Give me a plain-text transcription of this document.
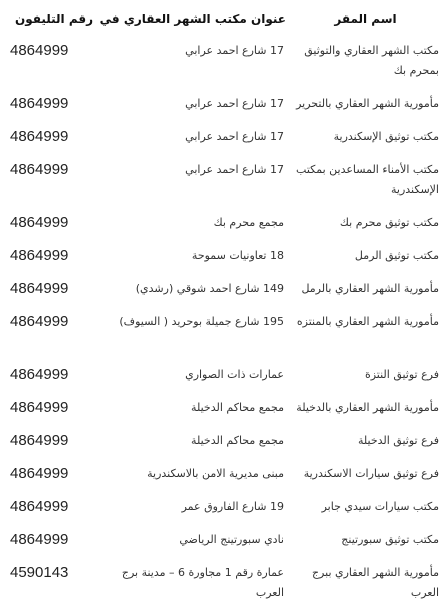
اسم المقر	عنوان مكتب الشهر العقاري في	رقم التليفون
مكتب الشهر العقاري والتوثيق بمحرم بك	17 شارع احمد عرابي	4864999
مأمورية الشهر العقاري بالتحرير	17 شارع احمد عرابي	4864999
مكتب توثيق الإسكندرية	17 شارع احمد عرابي	4864999
مكتب الأمناء المساعدين بمكتب الإسكندرية	17 شارع احمد عرابي	4864999
مكتب توثيق محرم بك	مجمع محرم بك	4864999
مكتب توثيق الرمل	18 تعاونيات سموحة	4864999
مأمورية الشهر العقاري بالرمل	149 شارع احمد شوقي (رشدي)	4864999
مأمورية الشهر العقاري بالمنتزه	195 شارع جميلة بوحريد ( السيوف)	4864999
فرع توثيق النتزة	عمارات ذات الصواري	4864999
مأمورية الشهر العقاري بالدخيلة	مجمع محاكم الدخيلة	4864999
فرع توثيق الدخيلة	مجمع محاكم الدخيلة	4864999
فرع توثيق سيارات الاسكندرية	مبنى مديرية الامن بالاسكندرية	4864999
مكتب سيارات سيدي جابر	19 شارع الفاروق عمر	4864999
مكتب توثيق سبورتينج	نادي سبورتينج الرياضي	4864999
مأمورية الشهر العقاري ببرج العرب	عمارة رقم 1 مجاورة 6 – مدينة برج العرب	4590143
